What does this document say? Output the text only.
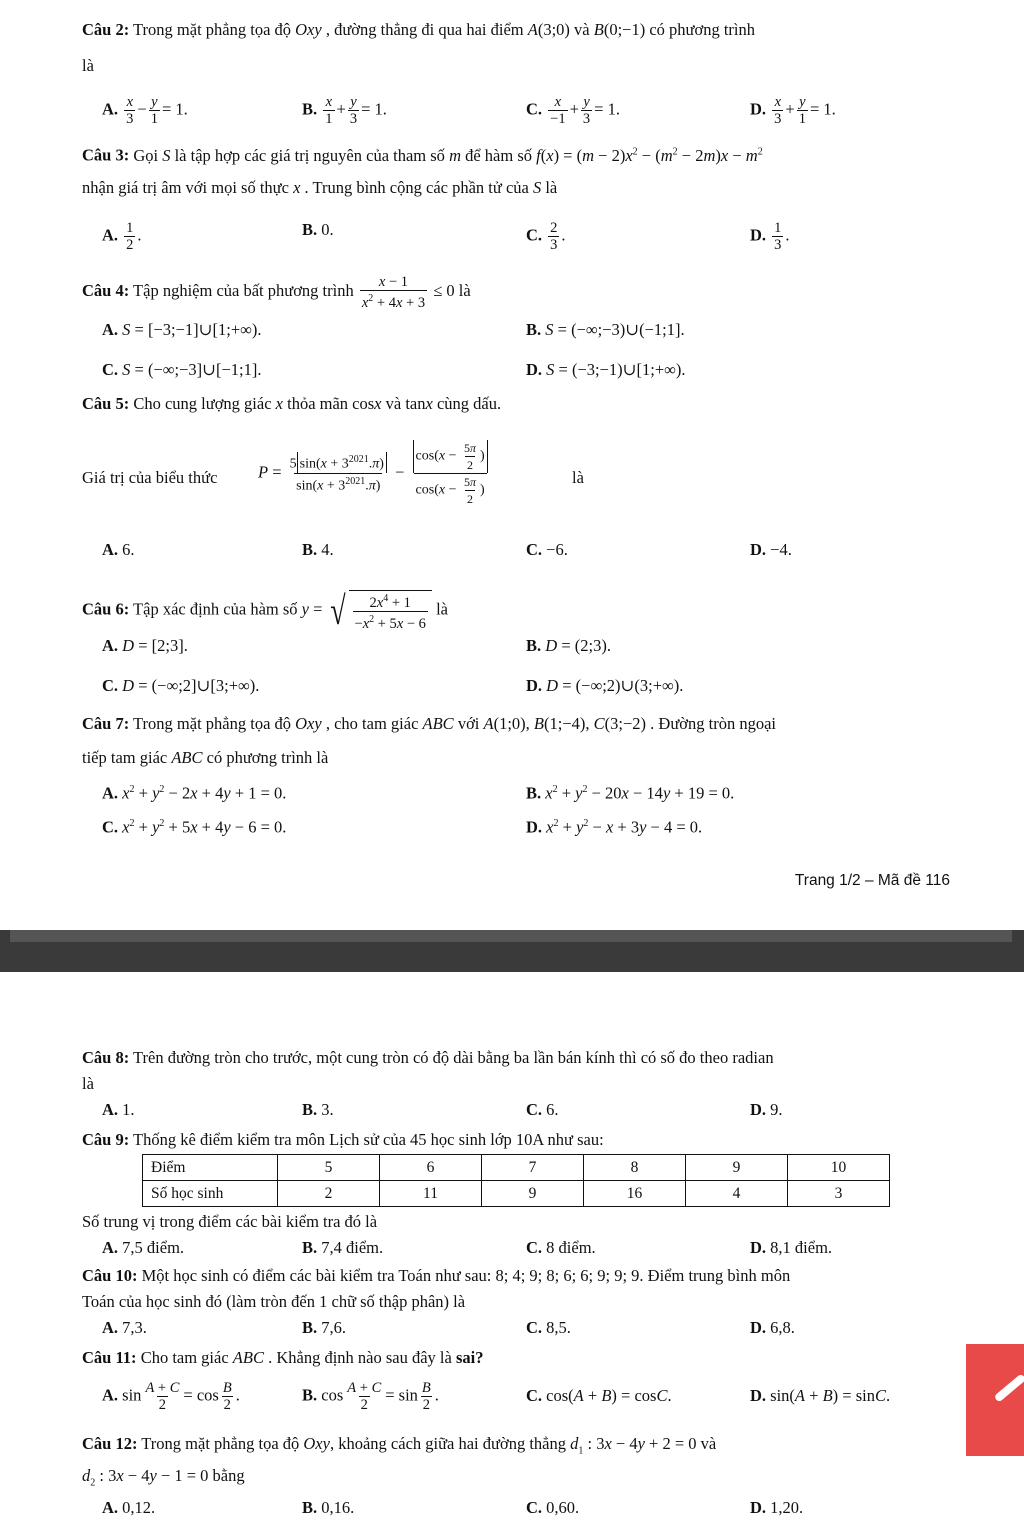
Câu 2: Trong mặt phẳng tọa độ Oxy , đường thẳng đi qua hai điểm A(3;0) và B(0;−1) có phương trình
là
A. $\frac{x}{3} - \frac{y}{1} = 1$.	B. $\frac{x}{1} + \frac{y}{3} = 1$.	C. $\frac{x}{-1} + \frac{y}{3} = 1$.	D. $\frac{x}{3} + \frac{y}{1} = 1$.
Câu 3: Gọi S là tập hợp các giá trị nguyên của tham số m để hàm số $f(x) = (m - 2)x^2 - (m^2 - 2m)x - m^2$
nhận giá trị âm với mọi số thực x . Trung bình cộng các phần tử của S là
A. $\frac{1}{2}$ .	B. 0.	C. $\frac{2}{3}$ .	D. $\frac{1}{3}$ .
Câu 4: Tập nghiệm của bất phương trình $\frac{x - 1}{x^2 + 4x + 3} \le 0$ là
A. S = [−3;−1]∪[1;+∞).	B. S = (−∞;−3)∪(−1;1].
C. S = (−∞;−3]∪[−1;1].	D. S = (−3;−1)∪[1;+∞).
Câu 5: Cho cung lượng giác x thỏa mãn cosx và tanx cùng dấu.
Giá trị của biểu thức $P = \frac{5 \sin(x + 3^{2021}.\pi)}{\sin(x + 3^{2021}.\pi)} - \frac{\cos(x - \frac{5\pi}{2} )}{\cos(x - \frac{5\pi}{2} )}$	là
A. 6.	B. 4.	C. −6.	D. −4.
Câu 6: Tập xác định của hàm số y = √ $\frac{2x^4 + 1}{-x^2 + 5x - 6}$ là
A. D = [2;3].	B. D = (2;3).
C. D = (−∞;2]∪[3;+∞).	D. D = (−∞;2)∪(3;+∞).
Câu 7: Trong mặt phẳng tọa độ Oxy , cho tam giác ABC với A(1;0), B(1;−4), C(3;−2) . Đường tròn ngoại
tiếp tam giác ABC có phương trình là
A. $x^2 + y^2 - 2x + 4y + 1 = 0$.	B. $x^2 + y^2 - 20x - 14y + 19 = 0$.
C. $x^2 + y^2 + 5x + 4y - 6 = 0$.	D. $x^2 + y^2 - x + 3y - 4 = 0$.
Trang 1/2 – Mã đề 116
Câu 8: Trên đường tròn cho trước, một cung tròn có độ dài bằng ba lần bán kính thì có số đo theo radian
là
A. 1.	B. 3.	C. 6.	D. 9.
Câu 9: Thống kê điểm kiểm tra môn Lịch sử của 45 học sinh lớp 10A như sau:
Điểm	5	6	7	8	9	10
Số học sinh	2	11	9	16	4	3
Số trung vị trong điểm các bài kiểm tra đó là
A. 7,5 điểm.	B. 7,4 điểm.	C. 8 điểm.	D. 8,1 điểm.
Câu 10: Một học sinh có điểm các bài kiểm tra Toán như sau: 8; 4; 9; 8; 6; 6; 9; 9; 9. Điểm trung bình môn
Toán của học sinh đó (làm tròn đến 1 chữ số thập phân) là
A. 7,3.	B. 7,6.	C. 8,5.	D. 6,8.
Câu 11: Cho tam giác ABC . Khẳng định nào sau đây là sai?
A. $\sin \frac{A + C}{2} = \cos \frac{B}{2}$ .	B. $\cos \frac{A + C}{2} = \sin \frac{B}{2}$ .	C. cos(A + B) = cosC.	D. sin(A + B) = sinC.
Câu 12: Trong mặt phẳng tọa độ Oxy, khoảng cách giữa hai đường thẳng $d_1$ : 3x − 4y + 2 = 0 và
$d_2$ : 3x − 4y − 1 = 0 bằng
A. 0,12.	B. 0,16.	C. 0,60.	D. 1,20.
